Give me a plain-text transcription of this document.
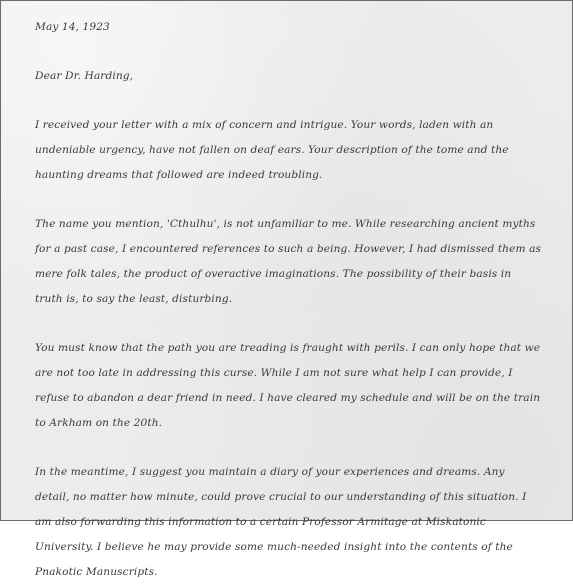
May 14, 1923
Dear Dr. Harding,
I received your letter with a mix of concern and intrigue. Your words, laden with an undeniable urgency, have not fallen on deaf ears. Your description of the tome and the haunting dreams that followed are indeed troubling.
The name you mention, 'Cthulhu', is not unfamiliar to me. While researching ancient myths for a past case, I encountered references to such a being. However, I had dismissed them as mere folk tales, the product of overactive imaginations. The possibility of their basis in truth is, to say the least, disturbing.
You must know that the path you are treading is fraught with perils. I can only hope that we are not too late in addressing this curse. While I am not sure what help I can provide, I refuse to abandon a dear friend in need. I have cleared my schedule and will be on the train to Arkham on the 20th.
In the meantime, I suggest you maintain a diary of your experiences and dreams. Any detail, no matter how minute, could prove crucial to our understanding of this situation. I am also forwarding this information to a certain Professor Armitage at Miskatonic University. I believe he may provide some much-needed insight into the contents of the Pnakotic Manuscripts.
